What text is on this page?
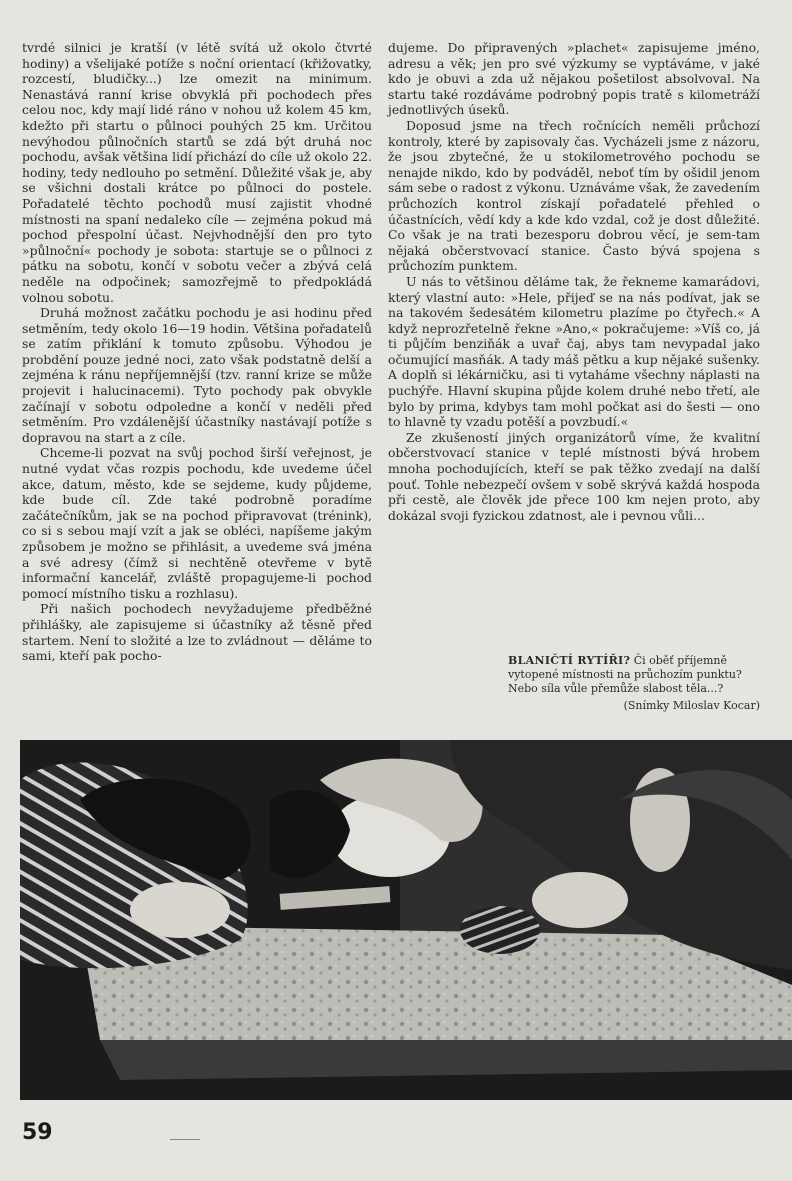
tvrdé silnici je kratší (v létě svítá už okolo čtvrté hodiny) a všelijaké potíže s noční orientací (křižovatky, rozcestí, bludičky...) lze omezit na minimum. Nenastává ranní krise obvyklá při pochodech přes celou noc, kdy mají lidé ráno v nohou už kolem 45 km, kdežto při startu o půlnoci pouhých 25 km. Určitou nevýhodou půlnočních startů se zdá být druhá noc pochodu, avšak většina lidí přichází do cíle už okolo 22. hodiny, tedy nedlouho po setmění. Důležité však je, aby se všichni dostali krátce po půlnoci do postele. Pořadatelé těchto pochodů musí zajistit vhodné místnosti na spaní nedaleko cíle — zejména pokud má pochod přespolní účast. Nejvhodnější den pro tyto »půlnoční« pochody je sobota: startuje se o půlnoci z pátku na sobotu, končí v sobotu večer a zbývá celá neděle na odpočinek; samozřejmě to předpokládá volnou sobotu.

Druhá možnost začátku pochodu je asi hodinu před setměním, tedy okolo 16—19 hodin. Většina pořadatelů se zatím přiklání k tomuto způsobu. Výhodou je probdění pouze jedné noci, zato však podstatně delší a zejména k ránu nepříjemnější (tzv. ranní krize se může projevit i halucinacemi). Tyto pochody pak obvykle začínají v sobotu odpoledne a končí v neděli před setměním. Pro vzdálenější účastníky nastávají potíže s dopravou na start a z cíle.

Chceme-li pozvat na svůj pochod širší veřejnost, je nutné vydat včas rozpis pochodu, kde uvedeme účel akce, datum, město, kde se sejdeme, kudy půjdeme, kde bude cíl. Zde také podrobně poradíme začátečníkům, jak se na pochod připravovat (trénink), co si s sebou mají vzít a jak se obléci, napíšeme jakým způsobem je možno se přihlásit, a uvedeme svá jména a své adresy (čímž si nechtěně otevřeme v bytě informační kancelář, zvláště propagujeme-li pochod pomocí místního tisku a rozhlasu).

Při našich pochodech nevyžadujeme předběžné přihlášky, ale zapisujeme si účastníky až těsně před startem. Není to složité a lze to zvládnout — děláme to sami, kteří pak pocho-

dujeme. Do připravených »plachet« zapisujeme jméno, adresu a věk; jen pro své výzkumy se vyptáváme, v jaké kdo je obuvi a zda už nějakou pošetilost absolvoval. Na startu také rozdáváme podrobný popis tratě s kilometráží jednotlivých úseků.

Doposud jsme na třech ročnících neměli průchozí kontroly, které by zapisovaly čas. Vycházeli jsme z názoru, že jsou zbytečné, že u stokilometrového pochodu se nenajde nikdo, kdo by podváděl, neboť tím by ošidil jenom sám sebe o radost z výkonu. Uznáváme však, že zavedením průchozích kontrol získají pořadatelé přehled o účastnících, vědí kdy a kde kdo vzdal, což je dost důležité. Co však je na trati bezesporu dobrou věcí, je sem-tam nějaká občerstvovací stanice. Často bývá spojena s průchozím punktem.

U nás to většinou děláme tak, že řekneme kamarádovi, který vlastní auto: »Hele, přijeď se na nás podívat, jak se na takovém šedesátém kilometru plazíme po čtyřech.« A když neprozřetelně řekne »Ano,« pokračujeme: »Víš co, já ti půjčím benziňák a uvař čaj, abys tam nevypadal jako očumující masňák. A tady máš pětku a kup nějaké sušenky. A doplň si lékárničku, asi ti vytaháme všechny náplasti na puchýře. Hlavní skupina půjde kolem druhé nebo třetí, ale bylo by prima, kdybys tam mohl počkat asi do šesti — ono to hlavně ty vzadu potěší a povzbudí.«

Ze zkušeností jiných organizátorů víme, že kvalitní občerstvovací stanice v teplé místnosti bývá hrobem mnoha pochodujících, kteří se pak těžko zvedají na další pouť. Tohle nebezpečí ovšem v sobě skrývá každá hospoda při cestě, ale člověk jde přece 100 km nejen proto, aby dokázal svoji fyzickou zdatnost, ale i pevnou vůli...

BLANIČTÍ RYTÍŘI? Či oběť příjemně vytopené místnosti na průchozím punktu? Nebo síla vůle přemůže slabost těla...?
(Snímky Miloslav Kocar)
59
